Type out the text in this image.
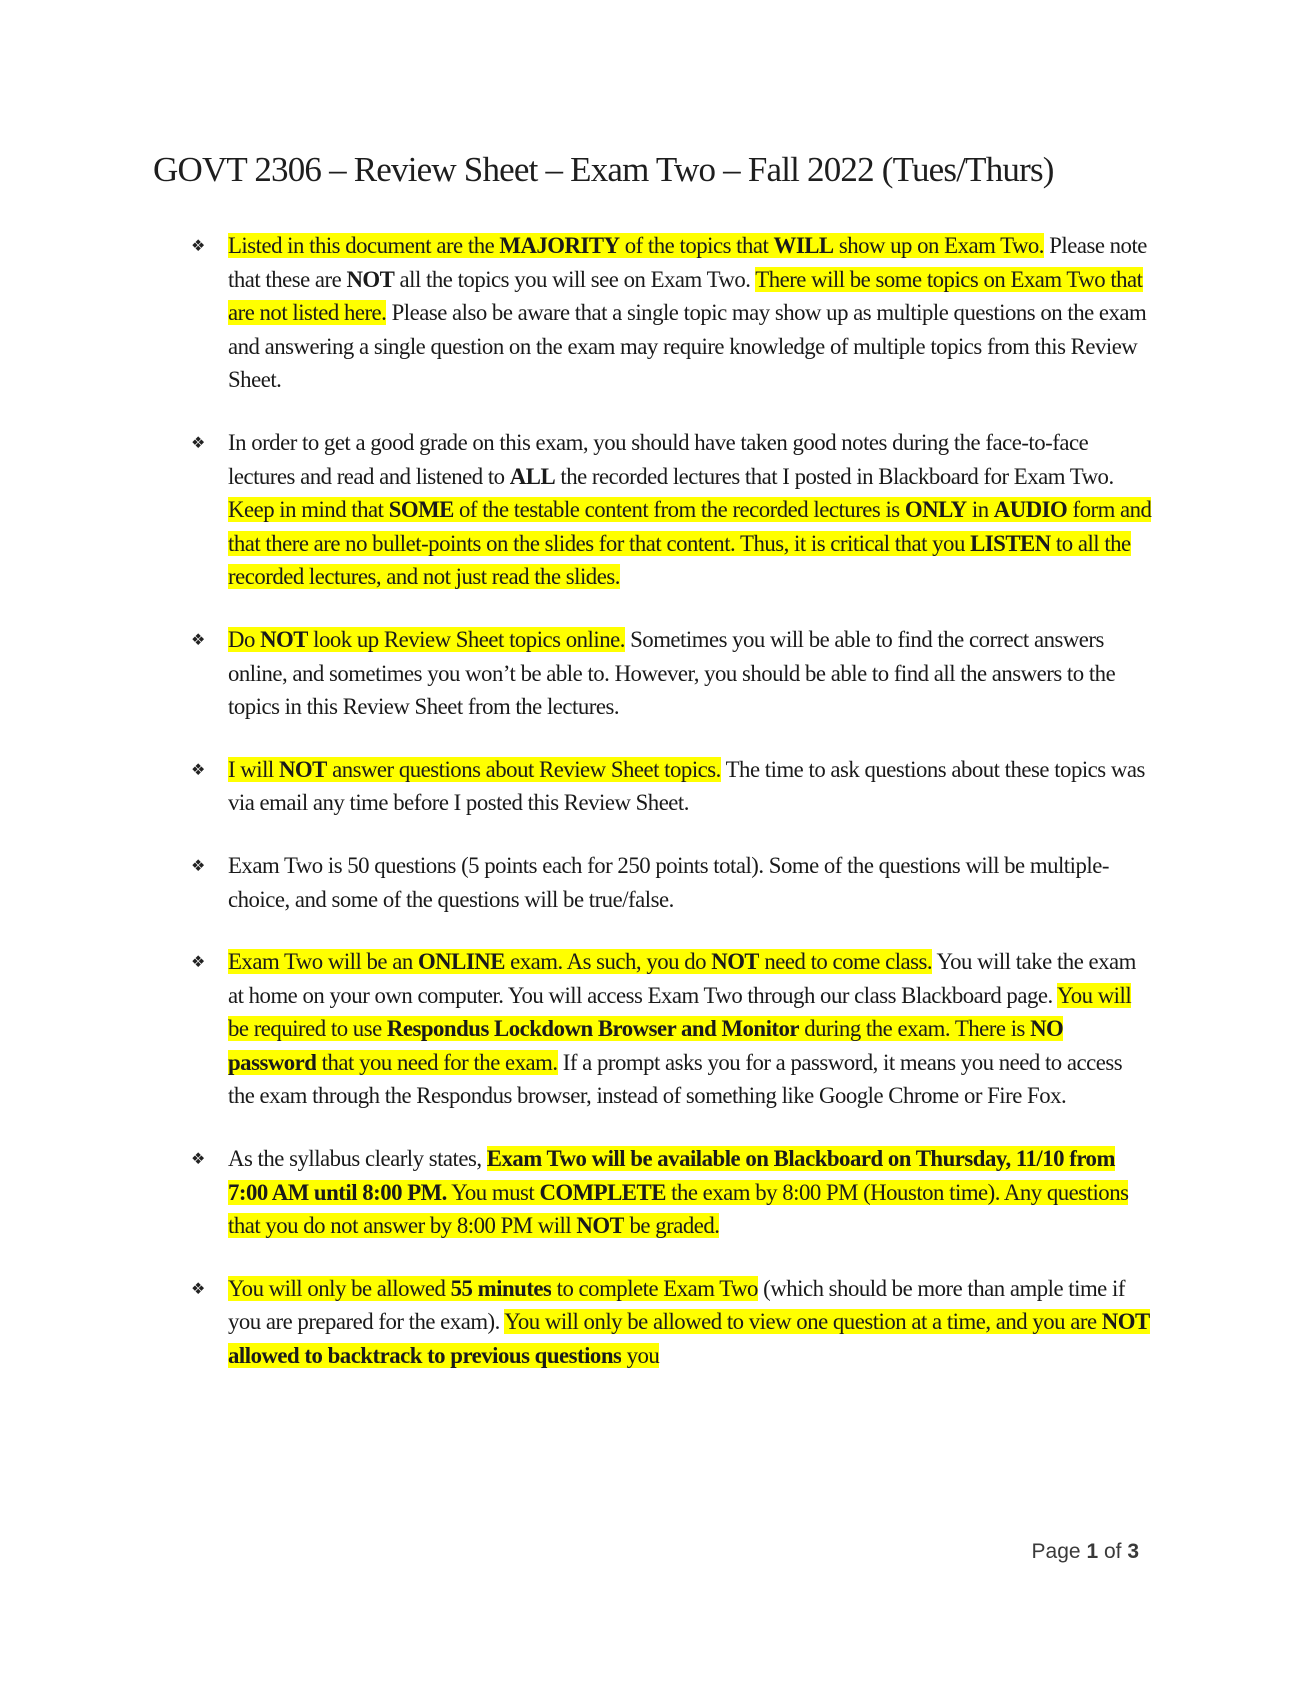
GOVT 2306 – Review Sheet – Exam Two – Fall 2022 (Tues/Thurs)
❖ Listed in this document are the MAJORITY of the topics that WILL show up on Exam Two. Please note that these are NOT all the topics you will see on Exam Two. There will be some topics on Exam Two that are not listed here. Please also be aware that a single topic may show up as multiple questions on the exam and answering a single question on the exam may require knowledge of multiple topics from this Review Sheet.
❖ In order to get a good grade on this exam, you should have taken good notes during the face-to-face lectures and read and listened to ALL the recorded lectures that I posted in Blackboard for Exam Two. Keep in mind that SOME of the testable content from the recorded lectures is ONLY in AUDIO form and that there are no bullet-points on the slides for that content. Thus, it is critical that you LISTEN to all the recorded lectures, and not just read the slides.
❖ Do NOT look up Review Sheet topics online. Sometimes you will be able to find the correct answers online, and sometimes you won’t be able to. However, you should be able to find all the answers to the topics in this Review Sheet from the lectures.
❖ I will NOT answer questions about Review Sheet topics. The time to ask questions about these topics was via email any time before I posted this Review Sheet.
❖ Exam Two is 50 questions (5 points each for 250 points total). Some of the questions will be multiple-choice, and some of the questions will be true/false.
❖ Exam Two will be an ONLINE exam. As such, you do NOT need to come class. You will take the exam at home on your own computer. You will access Exam Two through our class Blackboard page. You will be required to use Respondus Lockdown Browser and Monitor during the exam. There is NO password that you need for the exam. If a prompt asks you for a password, it means you need to access the exam through the Respondus browser, instead of something like Google Chrome or Fire Fox.
❖ As the syllabus clearly states, Exam Two will be available on Blackboard on Thursday, 11/10 from 7:00 AM until 8:00 PM. You must COMPLETE the exam by 8:00 PM (Houston time). Any questions that you do not answer by 8:00 PM will NOT be graded.
❖ You will only be allowed 55 minutes to complete Exam Two (which should be more than ample time if you are prepared for the exam). You will only be allowed to view one question at a time, and you are NOT allowed to backtrack to previous questions you
Page 1 of 3
